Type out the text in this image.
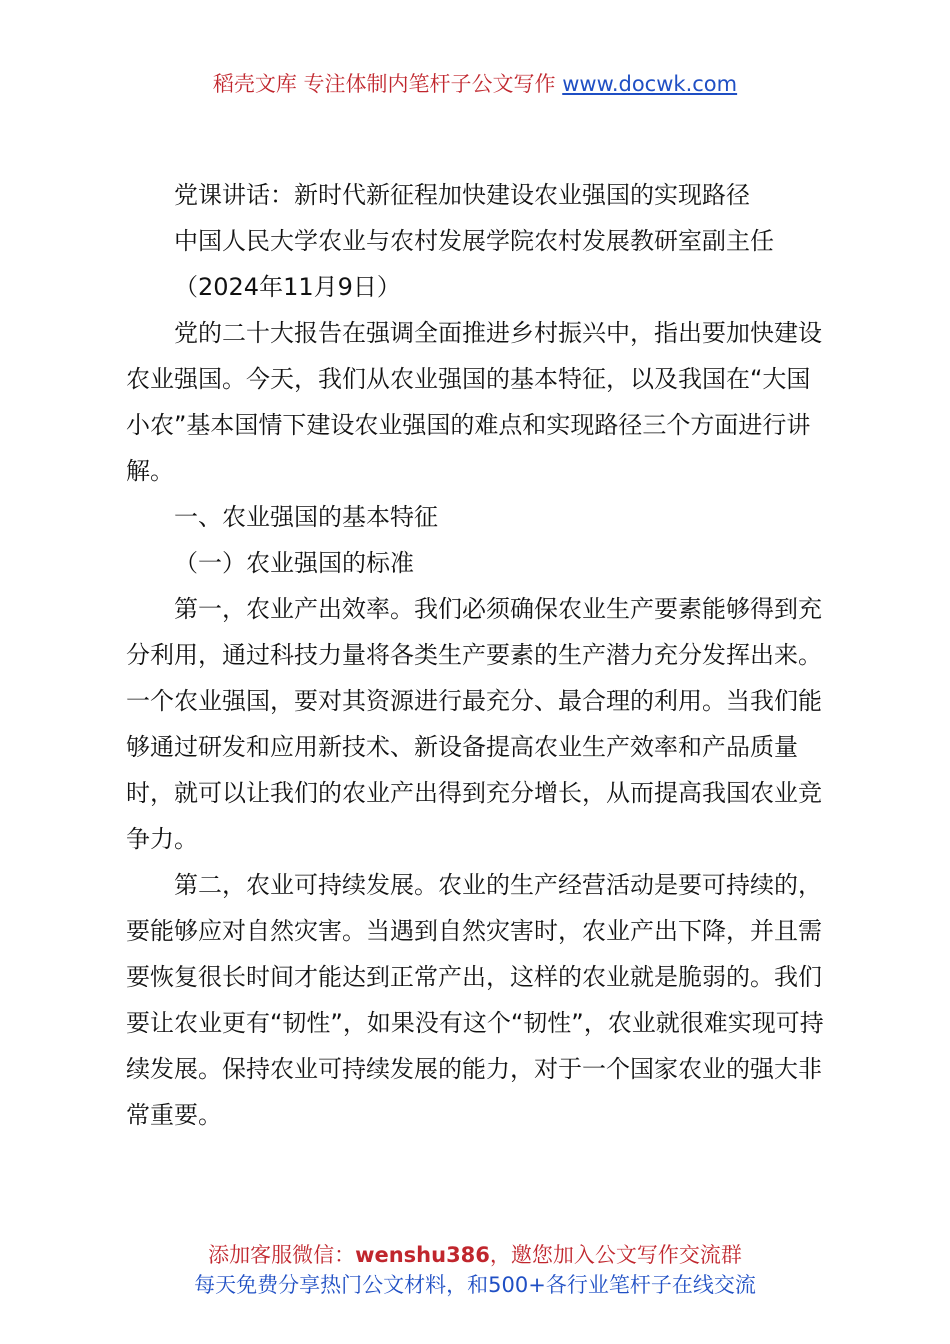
稻壳文库 专注体制内笔杆子公文写作 www.docwk.com

党课讲话：新时代新征程加快建设农业强国的实现路径

中国人民大学农业与农村发展学院农村发展教研室副主任

（2024年11月9日）

党的二十大报告在强调全面推进乡村振兴中，指出要加快建设农业强国。今天，我们从农业强国的基本特征，以及我国在“大国小农”基本国情下建设农业强国的难点和实现路径三个方面进行讲解。

一、农业强国的基本特征

（一）农业强国的标准

第一，农业产出效率。我们必须确保农业生产要素能够得到充分利用，通过科技力量将各类生产要素的生产潜力充分发挥出来。一个农业强国，要对其资源进行最充分、最合理的利用。当我们能够通过研发和应用新技术、新设备提高农业生产效率和产品质量时，就可以让我们的农业产出得到充分增长，从而提高我国农业竞争力。

第二，农业可持续发展。农业的生产经营活动是要可持续的，要能够应对自然灾害。当遇到自然灾害时，农业产出下降，并且需要恢复很长时间才能达到正常产出，这样的农业就是脆弱的。我们要让农业更有“韧性”，如果没有这个“韧性”，农业就很难实现可持续发展。保持农业可持续发展的能力，对于一个国家农业的强大非常重要。

添加客服微信：wenshu386，邀您加入公文写作交流群
每天免费分享热门公文材料，和500+各行业笔杆子在线交流
